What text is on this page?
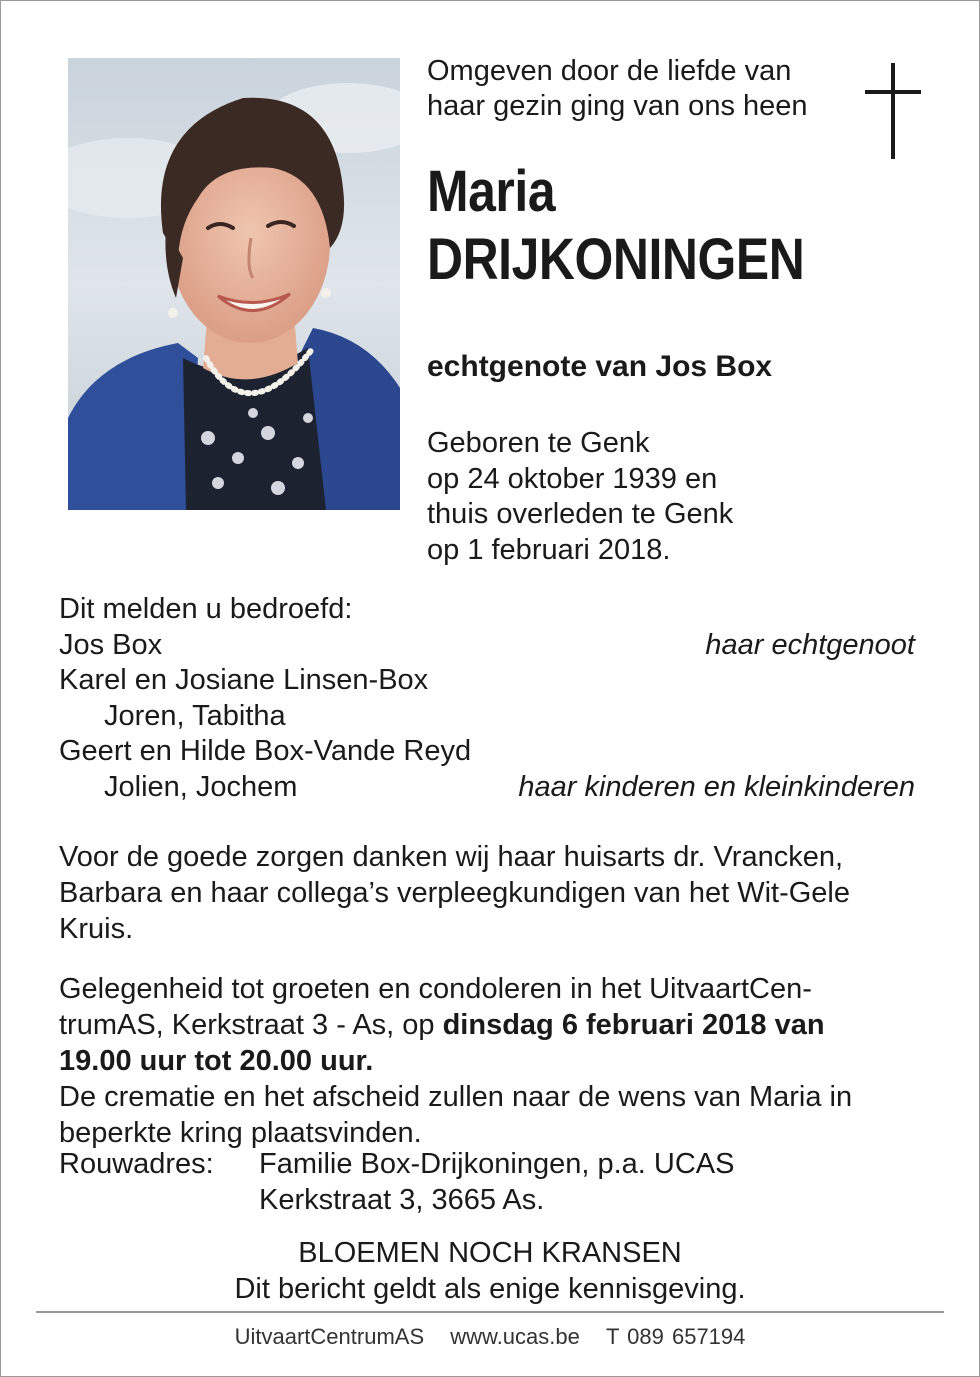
Omgeven door de liefde van
haar gezin ging van ons heen
Maria
DRIJKONINGEN
echtgenote van Jos Box
Geboren te Genk
op 24 oktober 1939 en
thuis overleden te Genk
op 1 februari 2018.
Dit melden u bedroefd:
Jos Box	haar echtgenoot
Karel en Josiane Linsen-Box
Joren, Tabitha
Geert en Hilde Box-Vande Reyd
Jolien, Jochem	haar kinderen en kleinkinderen
Voor de goede zorgen danken wij haar huisarts dr. Vrancken,
Barbara en haar collega’s verpleegkundigen van het Wit-Gele
Kruis.
Gelegenheid tot groeten en condoleren in het UitvaartCen-
trumAS, Kerkstraat 3 - As, op dinsdag 6 februari 2018 van
19.00 uur tot 20.00 uur.
De crematie en het afscheid zullen naar de wens van Maria in
beperkte kring plaatsvinden.
Rouwadres:	Familie Box-Drijkoningen, p.a. UCAS
Kerkstraat 3, 3665 As.
BLOEMEN NOCH KRANSEN
Dit bericht geldt als enige kennisgeving.
UitvaartCentrumAS www.ucas.be T 089 657194
